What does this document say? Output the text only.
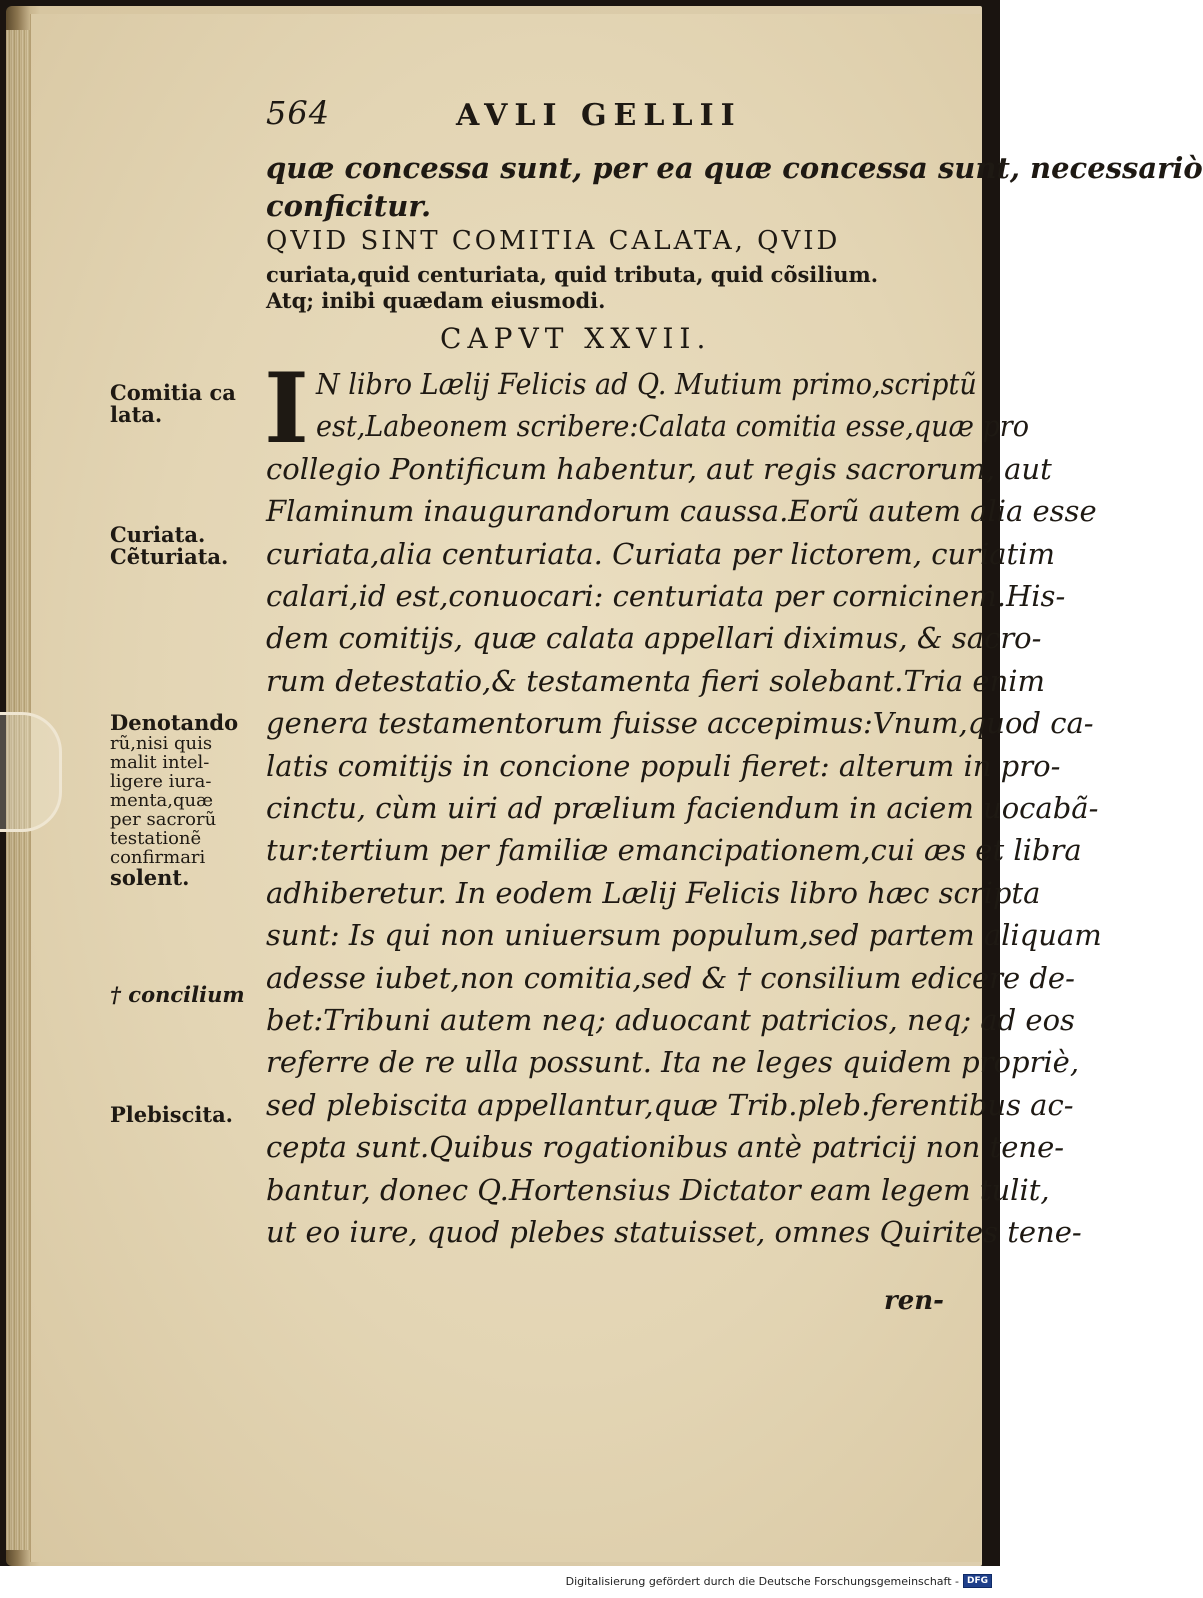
564	AVLI GELLII
quæ concessa sunt, per ea quæ concessa sunt, necessariò
conficitur.
QVID SINT COMITIA CALATA, QVID
curiata,quid centuriata, quid tributa, quid cõsilium.
Atq; inibi quædam eiusmodi.
CAPVT XXVII.
I N libro Lælij Felicis ad Q. Mutium primo,scriptũ
est,Labeonem scribere:Calata comitia esse,quæ pro
collegio Pontificum habentur, aut regis sacrorum, aut
Flaminum inaugurandorum caussa.Eorũ autem alia esse
curiata,alia centuriata. Curiata per lictorem, curiatim
calari,id est,conuocari: centuriata per cornicinem.His-
dem comitijs, quæ calata appellari diximus, & sacro-
rum detestatio,& testamenta fieri solebant.Tria enim
genera testamentorum fuisse accepimus:Vnum,quod ca-
latis comitijs in concione populi fieret: alterum in pro-
cinctu, cùm uiri ad prælium faciendum in aciem uocabã-
tur:tertium per familiæ emancipationem,cui æs et libra
adhiberetur. In eodem Lælij Felicis libro hæc scripta
sunt: Is qui non uniuersum populum,sed partem aliquam
adesse iubet,non comitia,sed & † consilium edicere de-
bet:Tribuni autem neq; aduocant patricios, neq; ad eos
referre de re ulla possunt. Ita ne leges quidem propriè,
sed plebiscita appellantur,quæ Trib.pleb.ferentibus ac-
cepta sunt.Quibus rogationibus antè patricij non tene-
bantur, donec Q.Hortensius Dictator eam legem tulit,
ut eo iure, quod plebes statuisset, omnes Quirites tene-
ren-
Comitia ca
lata.
Curiata.
Cẽturiata.
Denotando
rũ,nisi quis
malit intel-
ligere iura-
menta,quæ
per sacrorũ
testationẽ
confirmari
solent.
† concilium
Plebiscita.
Digitalisierung gefördert durch die Deutsche Forschungsgemeinschaft - DFG
